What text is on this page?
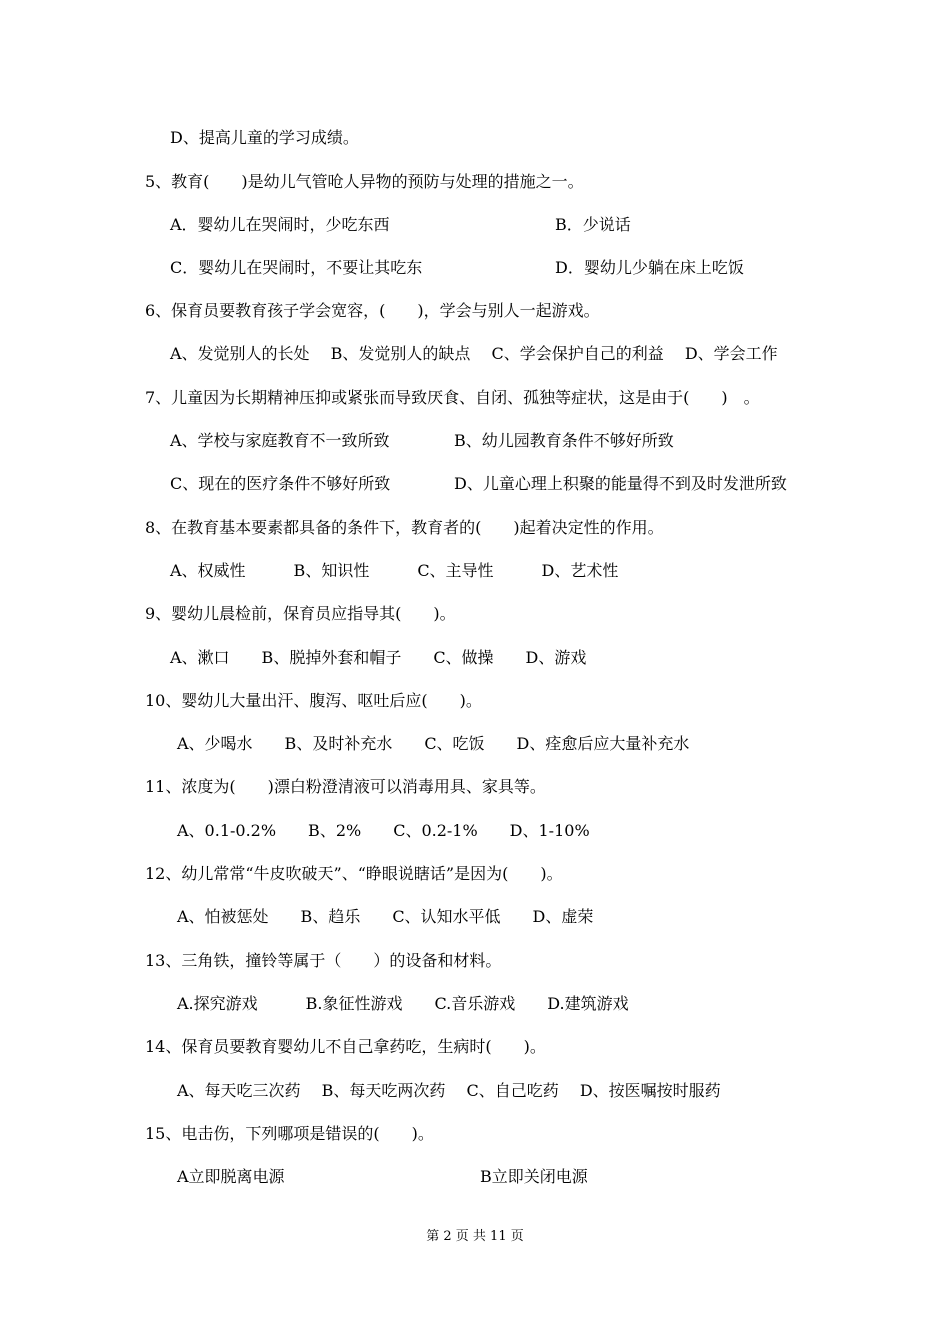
D、提高儿童的学习成绩。
5、教育(　　)是幼儿气管呛人异物的预防与处理的措施之一。
A．婴幼儿在哭闹时，少吃东西	B．少说话
C．婴幼儿在哭闹时，不要让其吃东	D．婴幼儿少躺在床上吃饭
6、保育员要教育孩子学会宽容，(　　)，学会与别人一起游戏。
A、发觉别人的长处　 B、发觉别人的缺点　 C、学会保护自己的利益　 D、学会工作
7、儿童因为长期精神压抑或紧张而导致厌食、自闭、孤独等症状，这是由于(　　)　。
A、学校与家庭教育不一致所致	B、幼儿园教育条件不够好所致
C、现在的医疗条件不够好所致	D、儿童心理上积聚的能量得不到及时发泄所致
8、在教育基本要素都具备的条件下，教育者的(　　)起着决定性的作用。
A、权威性　　　B、知识性　　　C、主导性　　　D、艺术性
9、婴幼儿晨检前，保育员应指导其(　　)。
A、漱口　　B、脱掉外套和帽子　　C、做操　　D、游戏
10、婴幼儿大量出汗、腹泻、呕吐后应(　　)。
A、少喝水　　B、及时补充水　　C、吃饭　　D、痊愈后应大量补充水
11、浓度为(　　)漂白粉澄清液可以消毒用具、家具等。
A、0.1-0.2%　　B、2%　　C、0.2-1%　　D、1-10%
12、幼儿常常“牛皮吹破天”、“睁眼说瞎话”是因为(　　)。
A、怕被惩处　　B、趋乐　　C、认知水平低　　D、虚荣
13、三角铁，撞铃等属于（　　）的设备和材料。
A.探究游戏　　　B.象征性游戏　　C.音乐游戏　　D.建筑游戏
14、保育员要教育婴幼儿不自己拿药吃，生病时(　　)。
A、每天吃三次药　 B、每天吃两次药　 C、自己吃药　 D、按医嘱按时服药
15、电击伤，下列哪项是错误的(　　)。
A立即脱离电源	B立即关闭电源
第 2 页 共 11 页
